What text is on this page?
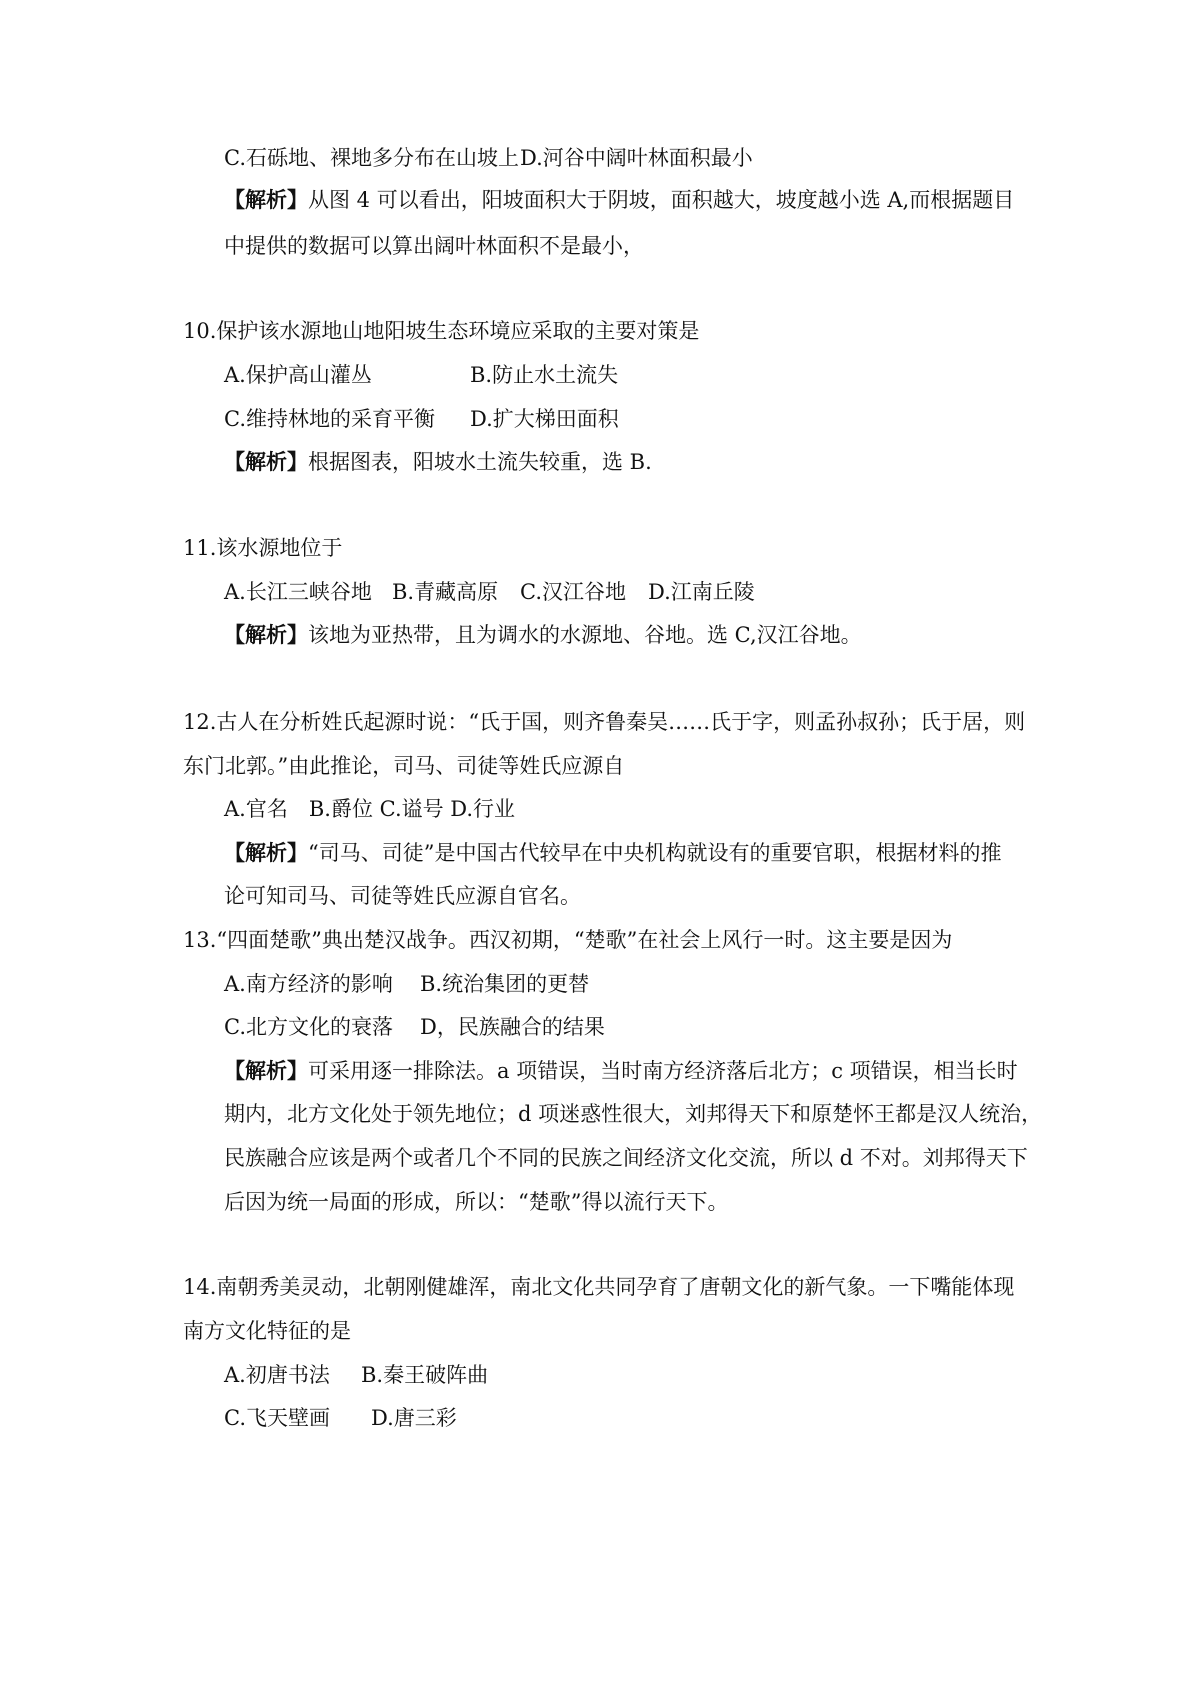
C.石砾地、裸地多分布在山坡上D.河谷中阔叶林面积最小
【解析】从图 4 可以看出，阳坡面积大于阴坡，面积越大，坡度越小选 A,而根据题目
中提供的数据可以算出阔叶林面积不是最小，
10.保护该水源地山地阳坡生态环境应采取的主要对策是
A.保护高山灌丛	B.防止水土流失
C.维持林地的采育平衡 D.扩大梯田面积
【解析】根据图表，阳坡水土流失较重，选 B.
11.该水源地位于
A.长江三峡谷地 B.青藏高原 C.汉江谷地 D.江南丘陵
【解析】该地为亚热带，且为调水的水源地、谷地。选 C,汉江谷地。
12.古人在分析姓氏起源时说：“氏于国，则齐鲁秦吴……氏于字，则孟孙叔孙；氏于居，则
东门北郭。”由此推论，司马、司徒等姓氏应源自
A.官名　B.爵位 C.谥号 D.行业
【解析】“司马、司徒”是中国古代较早在中央机构就设有的重要官职，根据材料的推
论可知司马、司徒等姓氏应源自官名。
13.“四面楚歌”典出楚汉战争。西汉初期，“楚歌”在社会上风行一时。这主要是因为
A.南方经济的影响 B.统治集团的更替
C.北方文化的衰落 D，民族融合的结果
【解析】可采用逐一排除法。a 项错误，当时南方经济落后北方；c 项错误，相当长时
期内，北方文化处于领先地位；d 项迷惑性很大，刘邦得天下和原楚怀王都是汉人统治，
民族融合应该是两个或者几个不同的民族之间经济文化交流，所以 d 不对。刘邦得天下
后因为统一局面的形成，所以：“楚歌”得以流行天下。
14.南朝秀美灵动，北朝刚健雄浑，南北文化共同孕育了唐朝文化的新气象。一下嘴能体现
南方文化特征的是
A.初唐书法 B.秦王破阵曲
C.飞天壁画 D.唐三彩
